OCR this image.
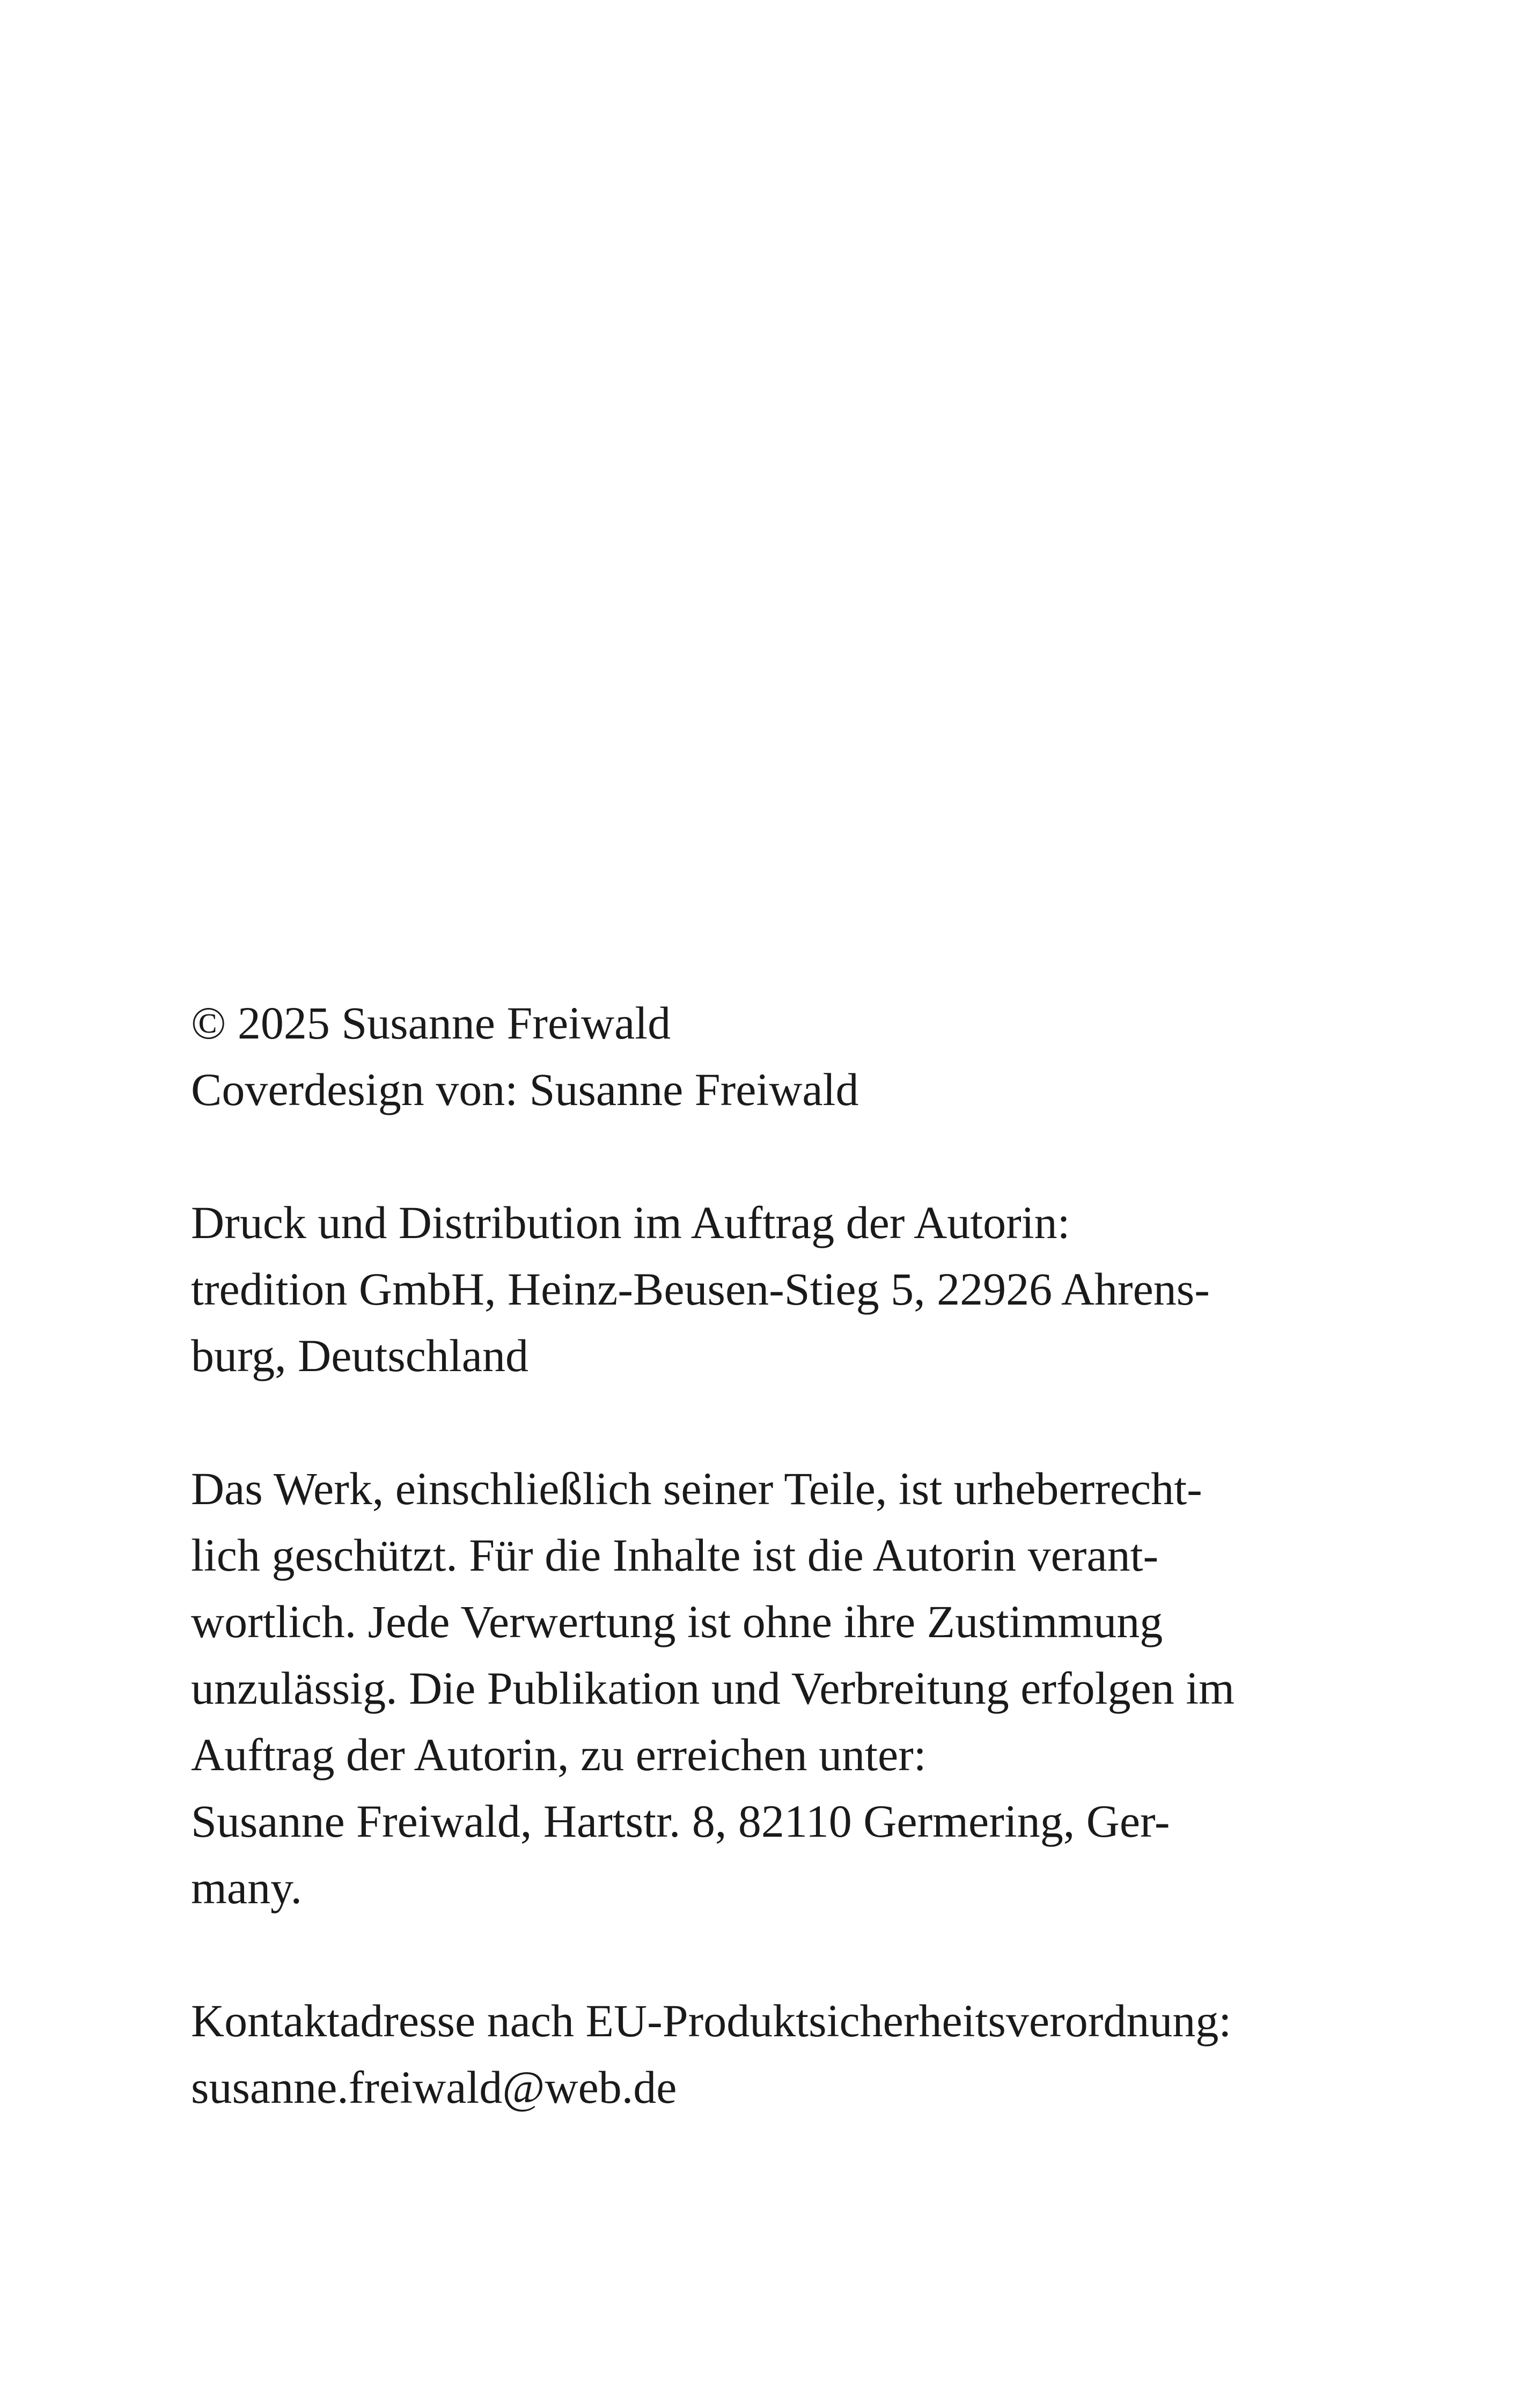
© 2025 Susanne Freiwald
Coverdesign von: Susanne Freiwald
Druck und Distribution im Auftrag der Autorin:
tredition GmbH, Heinz-Beusen-Stieg 5, 22926 Ahrens-
burg, Deutschland
Das Werk, einschließlich seiner Teile, ist urheberrecht-
lich geschützt. Für die Inhalte ist die Autorin verant-
wortlich. Jede Verwertung ist ohne ihre Zustimmung
unzulässig. Die Publikation und Verbreitung erfolgen im
Auftrag der Autorin, zu erreichen unter:
Susanne Freiwald, Hartstr. 8, 82110 Germering, Ger-
many.
Kontaktadresse nach EU-Produktsicherheitsverordnung:
susanne.freiwald@web.de
